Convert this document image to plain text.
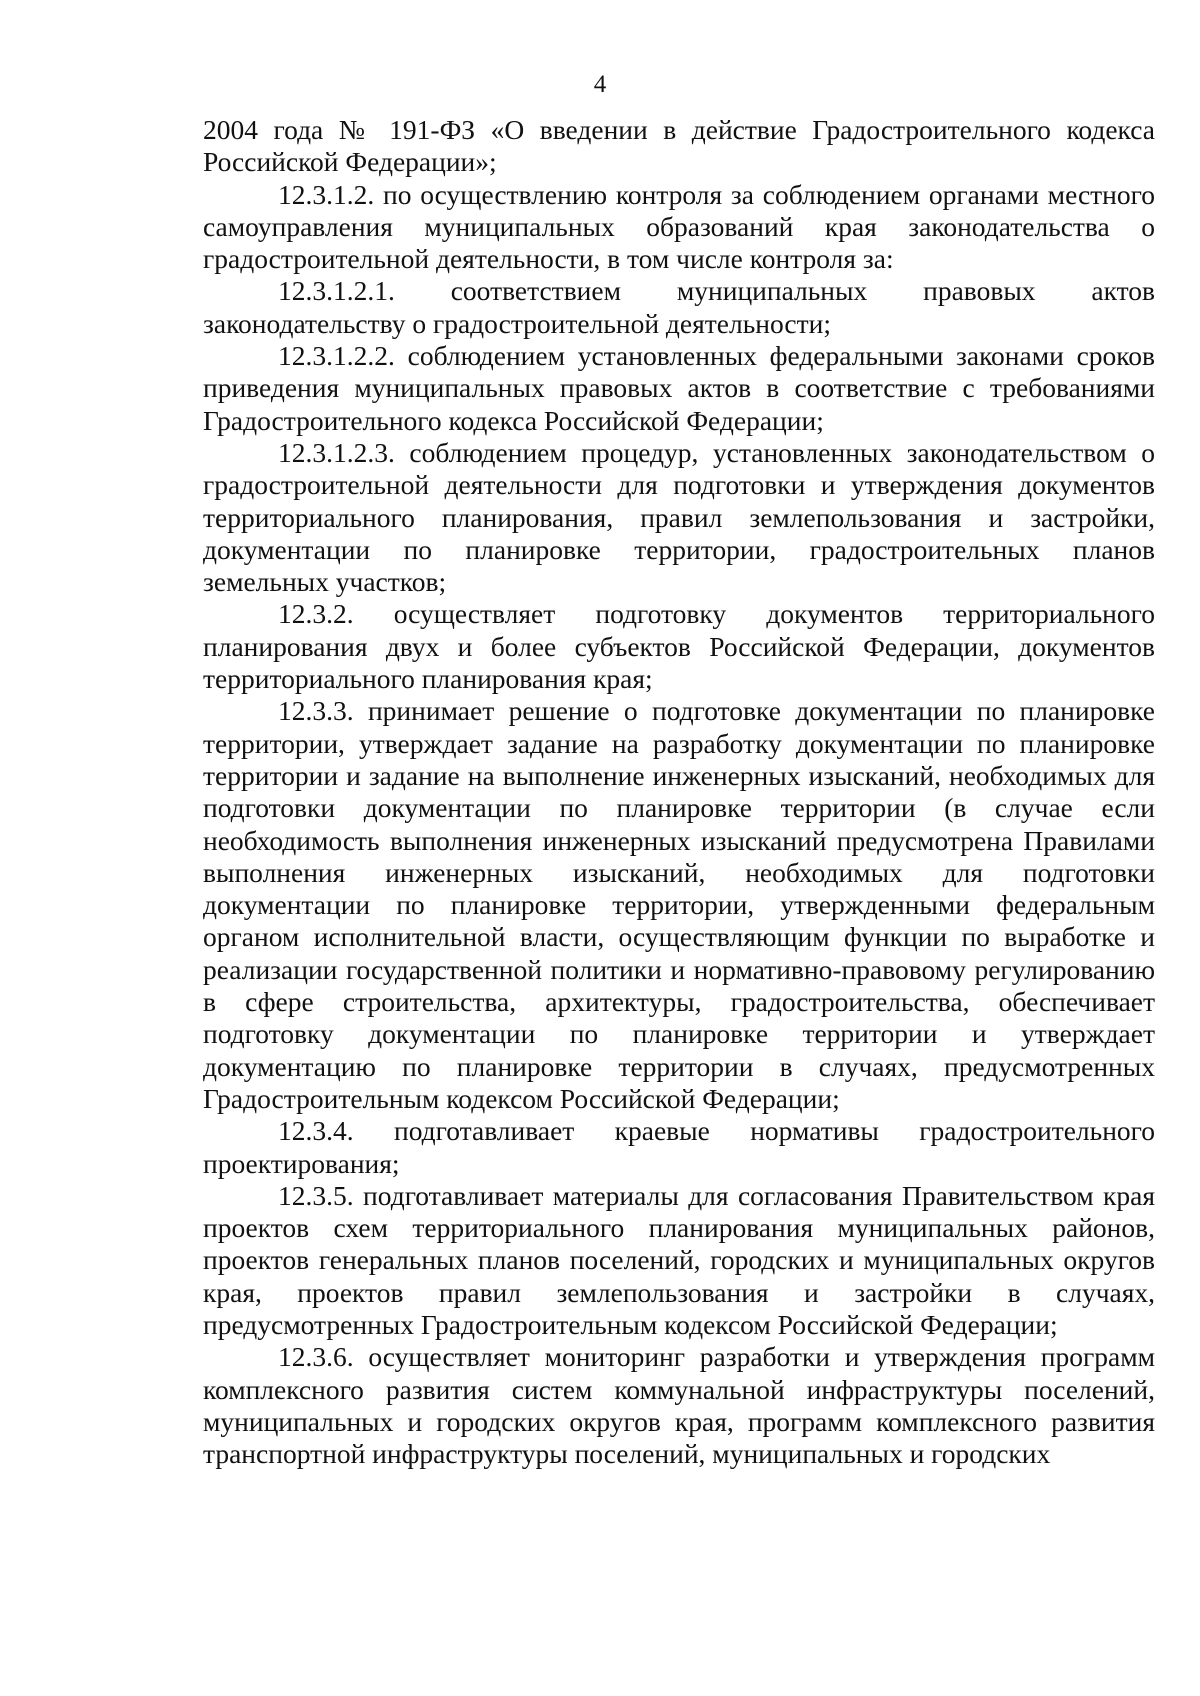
4

2004 года № 191-ФЗ «О введении в действие Градостроительного кодекса Российской Федерации»;

12.3.1.2. по осуществлению контроля за соблюдением органами местного самоуправления муниципальных образований края законодательства о градостроительной деятельности, в том числе контроля за:

12.3.1.2.1. соответствием муниципальных правовых актов законодательству о градостроительной деятельности;

12.3.1.2.2. соблюдением установленных федеральными законами сроков приведения муниципальных правовых актов в соответствие с требованиями Градостроительного кодекса Российской Федерации;

12.3.1.2.3. соблюдением процедур, установленных законодательством о градостроительной деятельности для подготовки и утверждения документов территориального планирования, правил землепользования и застройки, документации по планировке территории, градостроительных планов земельных участков;

12.3.2. осуществляет подготовку документов территориального планирования двух и более субъектов Российской Федерации, документов территориального планирования края;

12.3.3. принимает решение о подготовке документации по планировке территории, утверждает задание на разработку документации по планировке территории и задание на выполнение инженерных изысканий, необходимых для подготовки документации по планировке территории (в случае если необходимость выполнения инженерных изысканий предусмотрена Правилами выполнения инженерных изысканий, необходимых для подготовки документации по планировке территории, утвержденными федеральным органом исполнительной власти, осуществляющим функции по выработке и реализации государственной политики и нормативно-правовому регулированию в сфере строительства, архитектуры, градостроительства, обеспечивает подготовку документации по планировке территории и утверждает документацию по планировке территории в случаях, предусмотренных Градостроительным кодексом Российской Федерации;

12.3.4. подготавливает краевые нормативы градостроительного проектирования;

12.3.5. подготавливает материалы для согласования Правительством края проектов схем территориального планирования муниципальных районов, проектов генеральных планов поселений, городских и муниципальных округов края, проектов правил землепользования и застройки в случаях, предусмотренных Градостроительным кодексом Российской Федерации;

12.3.6. осуществляет мониторинг разработки и утверждения программ комплексного развития систем коммунальной инфраструктуры поселений, муниципальных и городских округов края, программ комплексного развития транспортной инфраструктуры поселений, муниципальных и городских
